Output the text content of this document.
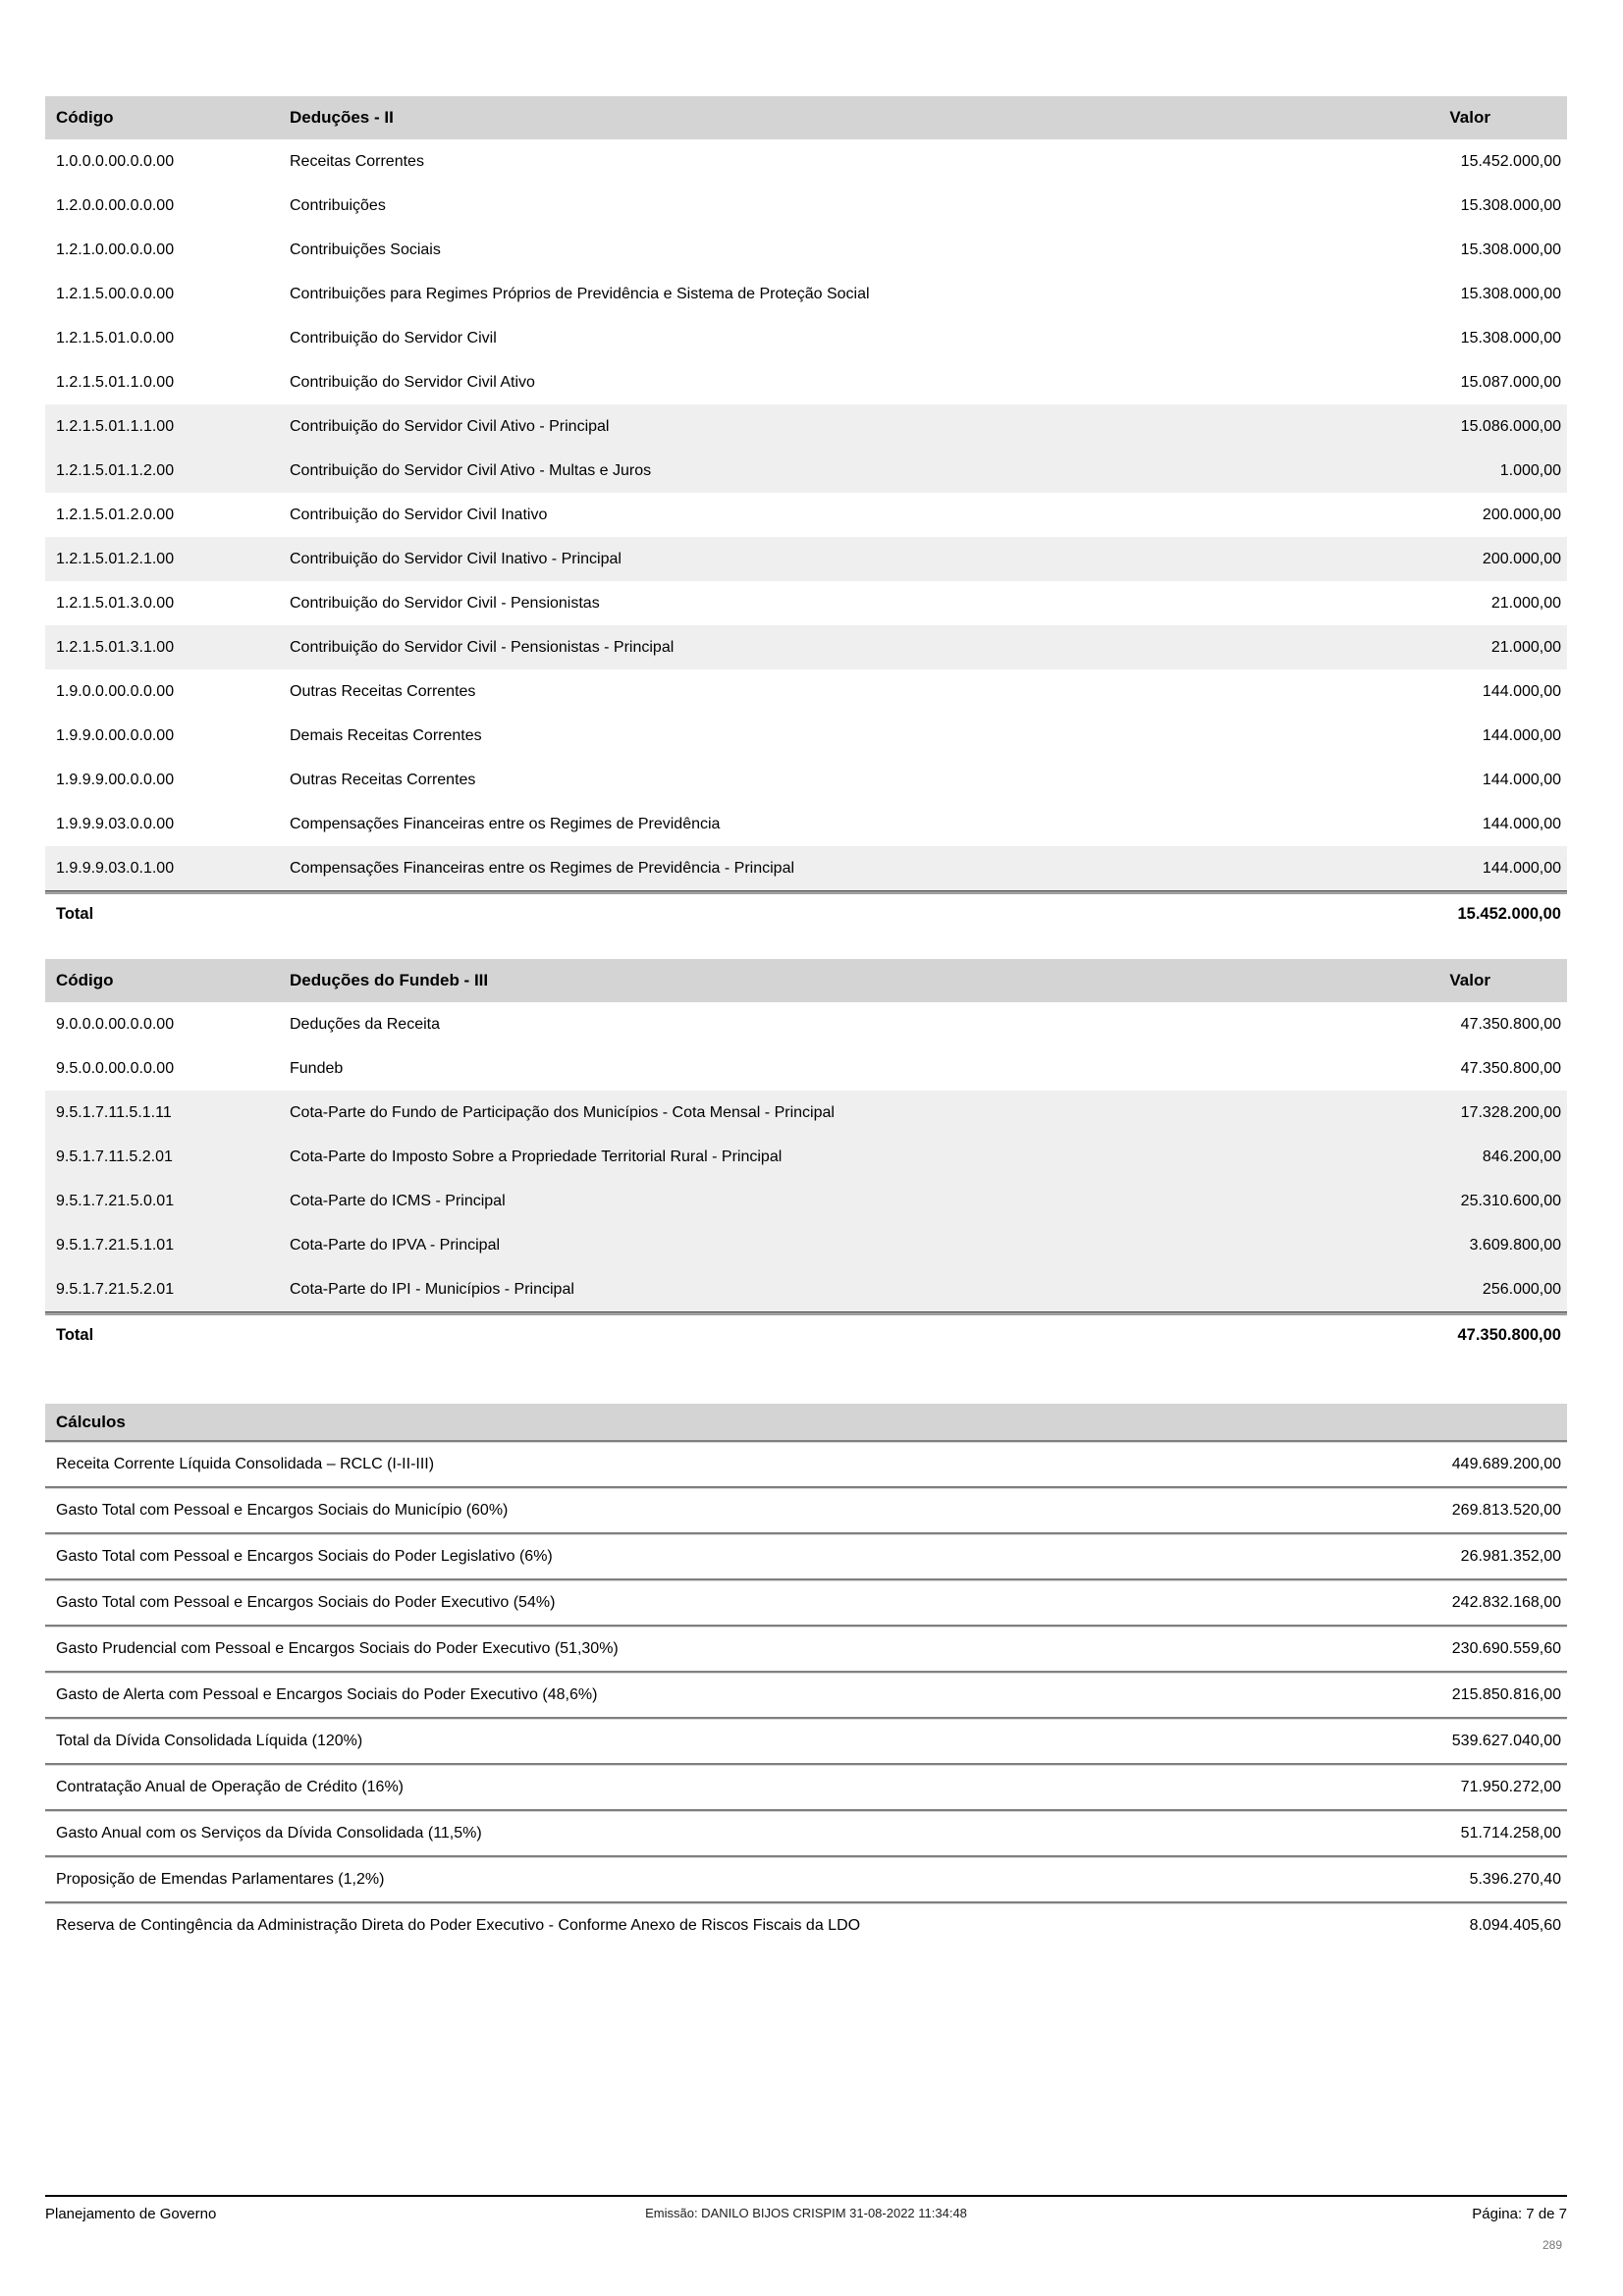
Código	Deduções - II	Valor
1.0.0.0.00.0.0.00	Receitas Correntes	15.452.000,00
1.2.0.0.00.0.0.00	Contribuições	15.308.000,00
1.2.1.0.00.0.0.00	Contribuições Sociais	15.308.000,00
1.2.1.5.00.0.0.00	Contribuições para Regimes Próprios de Previdência e Sistema de Proteção Social	15.308.000,00
1.2.1.5.01.0.0.00	Contribuição do Servidor Civil	15.308.000,00
1.2.1.5.01.1.0.00	Contribuição do Servidor Civil Ativo	15.087.000,00
1.2.1.5.01.1.1.00	Contribuição do Servidor Civil Ativo - Principal	15.086.000,00
1.2.1.5.01.1.2.00	Contribuição do Servidor Civil Ativo - Multas e Juros	1.000,00
1.2.1.5.01.2.0.00	Contribuição do Servidor Civil Inativo	200.000,00
1.2.1.5.01.2.1.00	Contribuição do Servidor Civil Inativo - Principal	200.000,00
1.2.1.5.01.3.0.00	Contribuição do Servidor Civil - Pensionistas	21.000,00
1.2.1.5.01.3.1.00	Contribuição do Servidor Civil - Pensionistas - Principal	21.000,00
1.9.0.0.00.0.0.00	Outras Receitas Correntes	144.000,00
1.9.9.0.00.0.0.00	Demais Receitas Correntes	144.000,00
1.9.9.9.00.0.0.00	Outras Receitas Correntes	144.000,00
1.9.9.9.03.0.0.00	Compensações Financeiras entre os Regimes de Previdência	144.000,00
1.9.9.9.03.0.1.00	Compensações Financeiras entre os Regimes de Previdência - Principal	144.000,00
Total	15.452.000,00
Código	Deduções do Fundeb - III	Valor
9.0.0.0.00.0.0.00	Deduções da Receita	47.350.800,00
9.5.0.0.00.0.0.00	Fundeb	47.350.800,00
9.5.1.7.11.5.1.11	Cota-Parte do Fundo de Participação dos Municípios - Cota Mensal - Principal	17.328.200,00
9.5.1.7.11.5.2.01	Cota-Parte do Imposto Sobre a Propriedade Territorial Rural - Principal	846.200,00
9.5.1.7.21.5.0.01	Cota-Parte do ICMS - Principal	25.310.600,00
9.5.1.7.21.5.1.01	Cota-Parte do IPVA - Principal	3.609.800,00
9.5.1.7.21.5.2.01	Cota-Parte do IPI - Municípios - Principal	256.000,00
Total	47.350.800,00
Cálculos
Receita Corrente Líquida Consolidada – RCLC (I-II-III)	449.689.200,00
Gasto Total com Pessoal e Encargos Sociais do Município (60%)	269.813.520,00
Gasto Total com Pessoal e Encargos Sociais do Poder Legislativo (6%)	26.981.352,00
Gasto Total com Pessoal e Encargos Sociais do Poder Executivo (54%)	242.832.168,00
Gasto Prudencial com Pessoal e Encargos Sociais do Poder Executivo (51,30%)	230.690.559,60
Gasto de Alerta com Pessoal e Encargos Sociais do Poder Executivo (48,6%)	215.850.816,00
Total da Dívida Consolidada Líquida (120%)	539.627.040,00
Contratação Anual de Operação de Crédito (16%)	71.950.272,00
Gasto Anual com os Serviços da Dívida Consolidada (11,5%)	51.714.258,00
Proposição de Emendas Parlamentares (1,2%)	5.396.270,40
Reserva de Contingência da Administração Direta do Poder Executivo - Conforme Anexo de Riscos Fiscais da LDO	8.094.405,60
Planejamento de Governo	Emissão: DANILO BIJOS CRISPIM 31-08-2022 11:34:48	Página: 7 de 7
289
